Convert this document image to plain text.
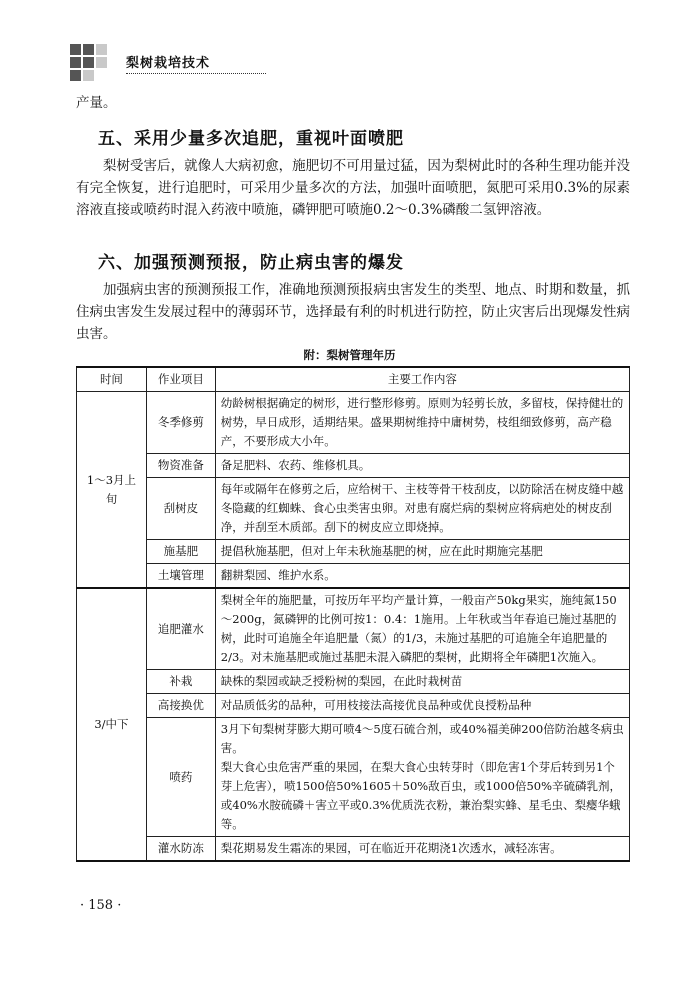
梨树栽培技术
产量。
五、采用少量多次追肥，重视叶面喷肥
梨树受害后，就像人大病初愈，施肥切不可用量过猛，因为梨树此时的各种生理功能并没有完全恢复，进行追肥时，可采用少量多次的方法，加强叶面喷肥，氮肥可采用0.3%的尿素溶液直接或喷药时混入药液中喷施，磷钾肥可喷施0.2～0.3%磷酸二氢钾溶液。
六、加强预测预报，防止病虫害的爆发
加强病虫害的预测预报工作，准确地预测预报病虫害发生的类型、地点、时期和数量，抓住病虫害发生发展过程中的薄弱环节，选择最有利的时机进行防控，防止灾害后出现爆发性病虫害。
附：梨树管理年历
时间	作业项目	主要工作内容
1～3月上旬	冬季修剪	幼龄树根据确定的树形，进行整形修剪。原则为轻剪长放，多留枝，保持健壮的树势，早日成形，适期结果。盛果期树维持中庸树势，枝组细致修剪，高产稳产，不要形成大小年。
	物资准备	备足肥料、农药、维修机具。
	刮树皮	每年或隔年在修剪之后，应给树干、主枝等骨干枝刮皮，以防除活在树皮缝中越冬隐藏的红蜘蛛、食心虫类害虫卵。对患有腐烂病的梨树应将病疤处的树皮刮净，并刮至木质部。刮下的树皮应立即烧掉。
	施基肥	提倡秋施基肥，但对上年未秋施基肥的树，应在此时期施完基肥
	土壤管理	翻耕梨园、维护水系。
3/中下	追肥灌水	梨树全年的施肥量，可按历年平均产量计算，一般亩产50kg果实，施纯氮150～200g，氮磷钾的比例可按1：0.4：1施用。上年秋或当年春追已施过基肥的树，此时可追施全年追肥量（氮）的1/3，未施过基肥的可追施全年追肥量的2/3。对未施基肥或施过基肥未混入磷肥的梨树，此期将全年磷肥1次施入。
	补栽	缺株的梨园或缺乏授粉树的梨园，在此时栽树苗
	高接换优	对品质低劣的品种，可用枝接法高接优良品种或优良授粉品种
	喷药	3月下旬梨树芽膨大期可喷4～5度石硫合剂，或40%福美砷200倍防治越冬病虫害。
梨大食心虫危害严重的果园，在梨大食心虫转芽时（即危害1个芽后转到另1个芽上危害），喷1500倍50%1605＋50%敌百虫，或1000倍50%辛硫磷乳剂，或40%水胺硫磷＋害立平或0.3%优质洗衣粉，兼治梨实蜂、星毛虫、梨瘿华蛾等。

	灌水防冻	梨花期易发生霜冻的果园，可在临近开花期浇1次透水，减轻冻害。
· 158 ·
